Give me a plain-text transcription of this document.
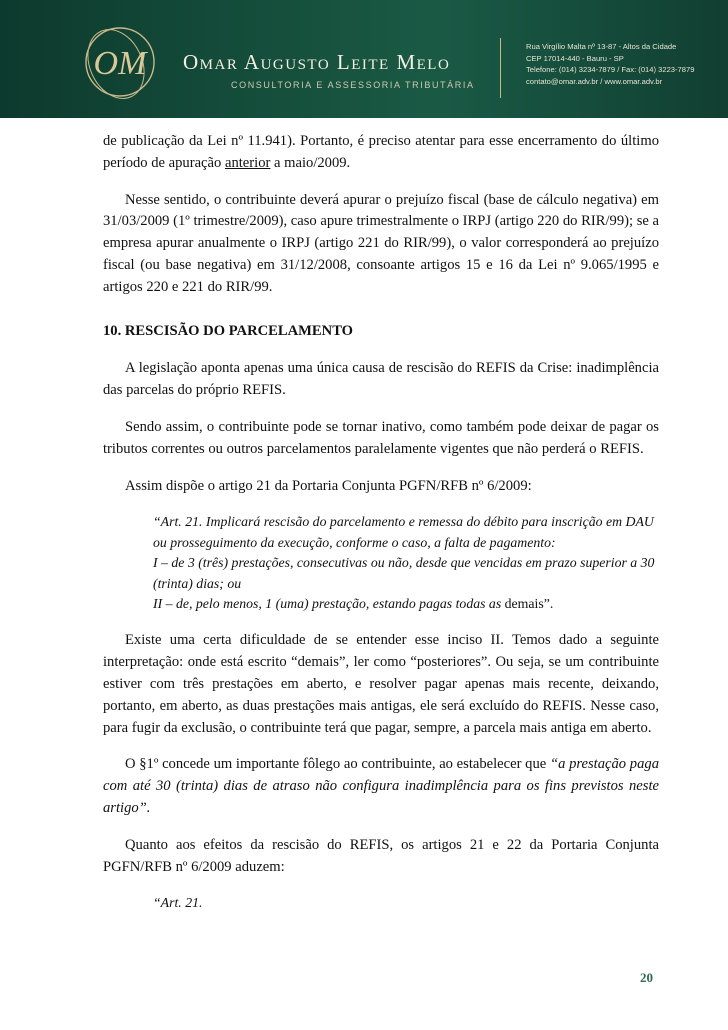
OM Omar Augusto Leite Melo
CONSULTORIA E ASSESSORIA TRIBUTÁRIA
Rua Virgílio Malta nº 13-87 - Altos da Cidade
CEP 17014-440 - Bauru - SP
Telefone: (014) 3234-7879 / Fax: (014) 3223-7879
contato@omar.adv.br / www.omar.adv.br

de publicação da Lei nº 11.941). Portanto, é preciso atentar para esse encerramento do último período de apuração anterior a maio/2009.

Nesse sentido, o contribuinte deverá apurar o prejuízo fiscal (base de cálculo negativa) em 31/03/2009 (1º trimestre/2009), caso apure trimestralmente o IRPJ (artigo 220 do RIR/99); se a empresa apurar anualmente o IRPJ (artigo 221 do RIR/99), o valor corresponderá ao prejuízo fiscal (ou base negativa) em 31/12/2008, consoante artigos 15 e 16 da Lei nº 9.065/1995 e artigos 220 e 221 do RIR/99.

10. RESCISÃO DO PARCELAMENTO

A legislação aponta apenas uma única causa de rescisão do REFIS da Crise: inadimplência das parcelas do próprio REFIS.

Sendo assim, o contribuinte pode se tornar inativo, como também pode deixar de pagar os tributos correntes ou outros parcelamentos paralelamente vigentes que não perderá o REFIS.

Assim dispõe o artigo 21 da Portaria Conjunta PGFN/RFB nº 6/2009:

“Art. 21. Implicará rescisão do parcelamento e remessa do débito para inscrição em DAU ou prosseguimento da execução, conforme o caso, a falta de pagamento:
I – de 3 (três) prestações, consecutivas ou não, desde que vencidas em prazo superior a 30 (trinta) dias; ou
II – de, pelo menos, 1 (uma) prestação, estando pagas todas as demais”.

Existe uma certa dificuldade de se entender esse inciso II. Temos dado a seguinte interpretação: onde está escrito “demais”, ler como “posteriores”. Ou seja, se um contribuinte estiver com três prestações em aberto, e resolver pagar apenas mais recente, deixando, portanto, em aberto, as duas prestações mais antigas, ele será excluído do REFIS. Nesse caso, para fugir da exclusão, o contribuinte terá que pagar, sempre, a parcela mais antiga em aberto.

O §1º concede um importante fôlego ao contribuinte, ao estabelecer que “a prestação paga com até 30 (trinta) dias de atraso não configura inadimplência para os fins previstos neste artigo”.

Quanto aos efeitos da rescisão do REFIS, os artigos 21 e 22 da Portaria Conjunta PGFN/RFB nº 6/2009 aduzem:

“Art. 21.
20
